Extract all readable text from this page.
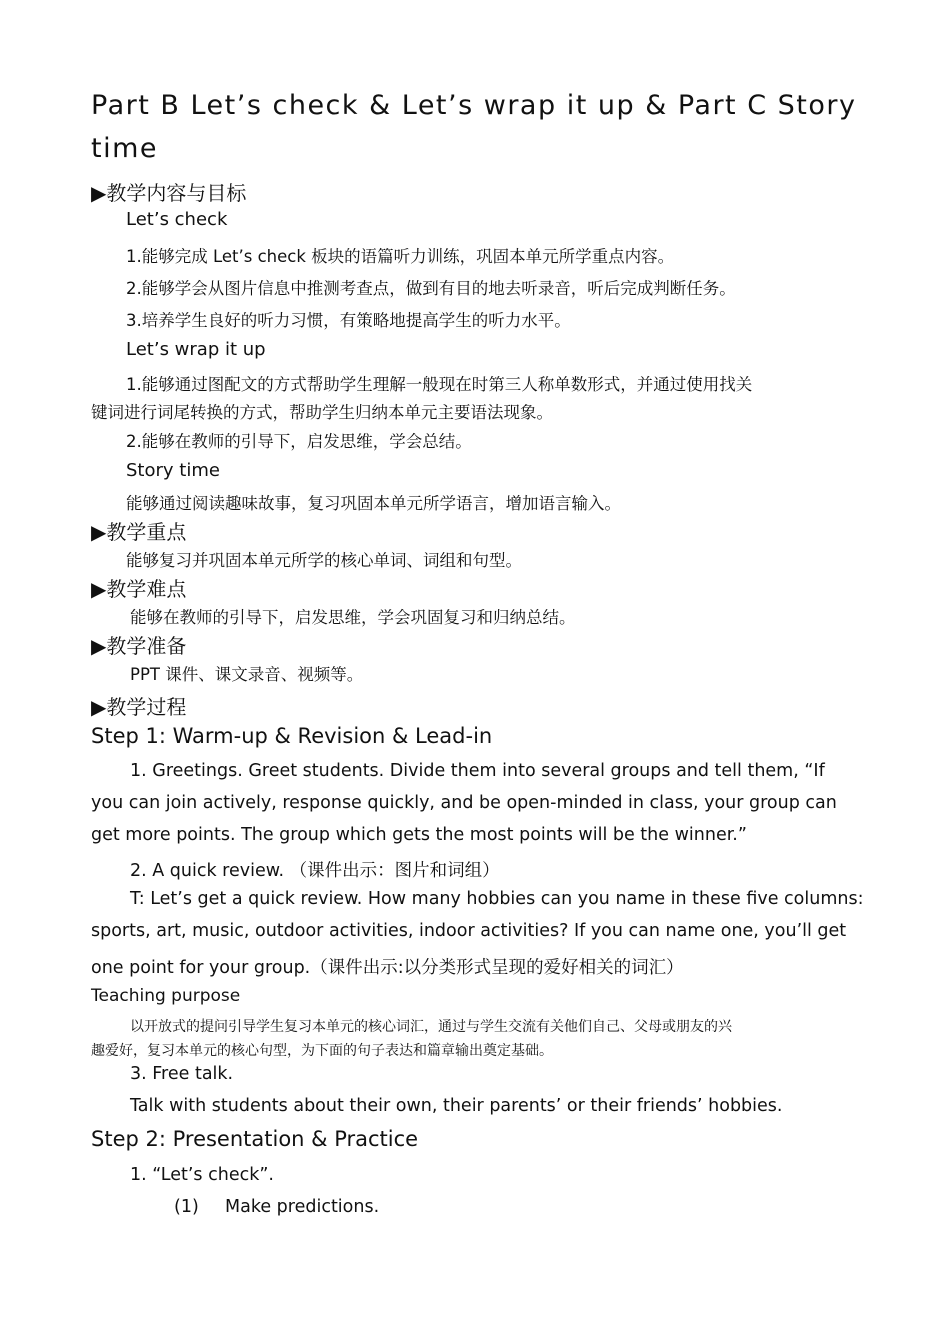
Part B Let’s check & Let’s wrap it up & Part C Story

time

▶教学内容与目标

Let’s check

1.能够完成 Let’s check 板块的语篇听力训练，巩固本单元所学重点内容。

2.能够学会从图片信息中推测考查点，做到有目的地去听录音，听后完成判断任务。

3.培养学生良好的听力习惯，有策略地提高学生的听力水平。

Let’s wrap it up

1.能够通过图配文的方式帮助学生理解一般现在时第三人称单数形式，并通过使用找关

键词进行词尾转换的方式，帮助学生归纳本单元主要语法现象。

2.能够在教师的引导下，启发思维，学会总结。

Story time

能够通过阅读趣味故事，复习巩固本单元所学语言，增加语言输入。

▶教学重点

能够复习并巩固本单元所学的核心单词、词组和句型。

▶教学难点

能够在教师的引导下，启发思维，学会巩固复习和归纳总结。

▶教学准备

PPT 课件、课文录音、视频等。

▶教学过程

Step 1: Warm-up & Revision & Lead-in

1. Greetings. Greet students. Divide them into several groups and tell them, “If

you can join actively, response quickly, and be open-minded in class, your group can

get more points. The group which gets the most points will be the winner.”

2. A quick review. （课件出示：图片和词组）

T: Let’s get a quick review. How many hobbies can you name in these five columns:

sports, art, music, outdoor activities, indoor activities? If you can name one, you’ll get

one point for your group.（课件出示:以分类形式呈现的爱好相关的词汇）

Teaching purpose

以开放式的提问引导学生复习本单元的核心词汇，通过与学生交流有关他们自己、父母或朋友的兴

趣爱好，复习本单元的核心句型，为下面的句子表达和篇章输出奠定基础。

3. Free talk.

Talk with students about their own, their parents’ or their friends’ hobbies.

Step 2: Presentation & Practice

1. “Let’s check”.

(1) Make predictions.
